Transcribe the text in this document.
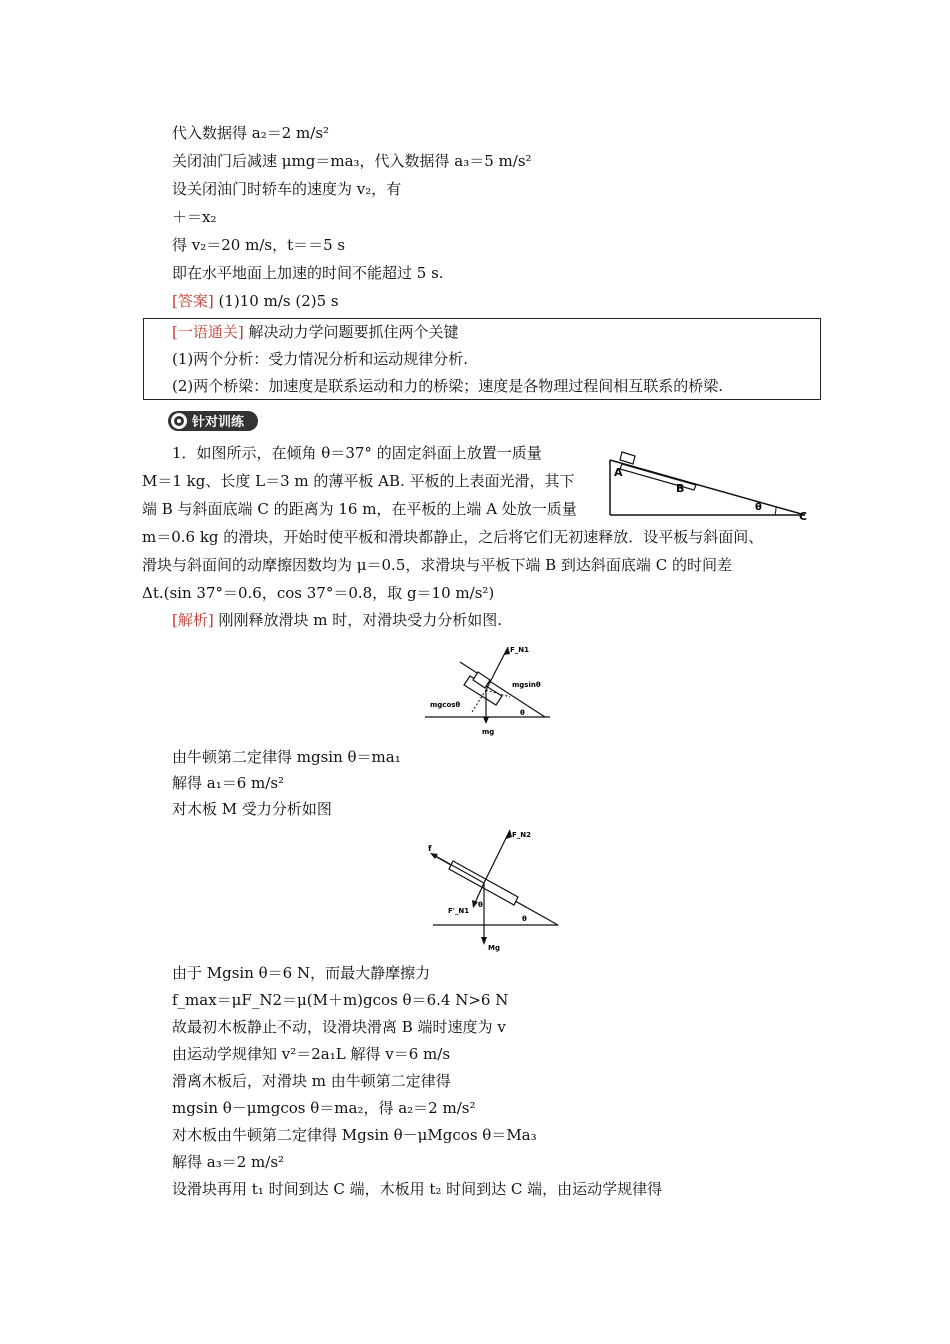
代入数据得 a₂＝2 m/s²
关闭油门后减速 μmg＝ma₃，代入数据得 a₃＝5 m/s²
设关闭油门时轿车的速度为 v₂，有
＋＝x₂
得 v₂＝20 m/s，t＝＝5 s
即在水平地面上加速的时间不能超过 5 s.
[答案] (1)10 m/s (2)5 s
[一语通关] 解决动力学问题要抓住两个关键
(1)两个分析：受力情况分析和运动规律分析.
(2)两个桥梁：加速度是联系运动和力的桥梁；速度是各物理过程间相互联系的桥梁.
针对训练
1．如图所示，在倾角 θ＝37° 的固定斜面上放置一质量
M＝1 kg、长度 L＝3 m 的薄平板 AB. 平板的上表面光滑，其下
端 B 与斜面底端 C 的距离为 16 m，在平板的上端 A 处放一质量
m＝0.6 kg 的滑块，开始时使平板和滑块都静止，之后将它们无初速释放．设平板与斜面间、
滑块与斜面间的动摩擦因数均为 μ＝0.5，求滑块与平板下端 B 到达斜面底端 C 的时间差
Δt.(sin 37°＝0.6，cos 37°＝0.8，取 g＝10 m/s²)
A
B
θ
C
[解析] 刚刚释放滑块 m 时，对滑块受力分析如图.
F_N1
mgsinθ
mgcosθ
mg
θ
由牛顿第二定律得 mgsin θ＝ma₁
解得 a₁＝6 m/s²
对木板 M 受力分析如图
F_N2
f
F'_N1
Mg
θ
θ
由于 Mgsin θ＝6 N，而最大静摩擦力
f_max＝μF_N2＝μ(M＋m)gcos θ＝6.4 N>6 N
故最初木板静止不动，设滑块滑离 B 端时速度为 v
由运动学规律知 v²＝2a₁L 解得 v＝6 m/s
滑离木板后，对滑块 m 由牛顿第二定律得
mgsin θ－μmgcos θ＝ma₂，得 a₂＝2 m/s²
对木板由牛顿第二定律得 Mgsin θ－μMgcos θ＝Ma₃
解得 a₃＝2 m/s²
设滑块再用 t₁ 时间到达 C 端，木板用 t₂ 时间到达 C 端，由运动学规律得
